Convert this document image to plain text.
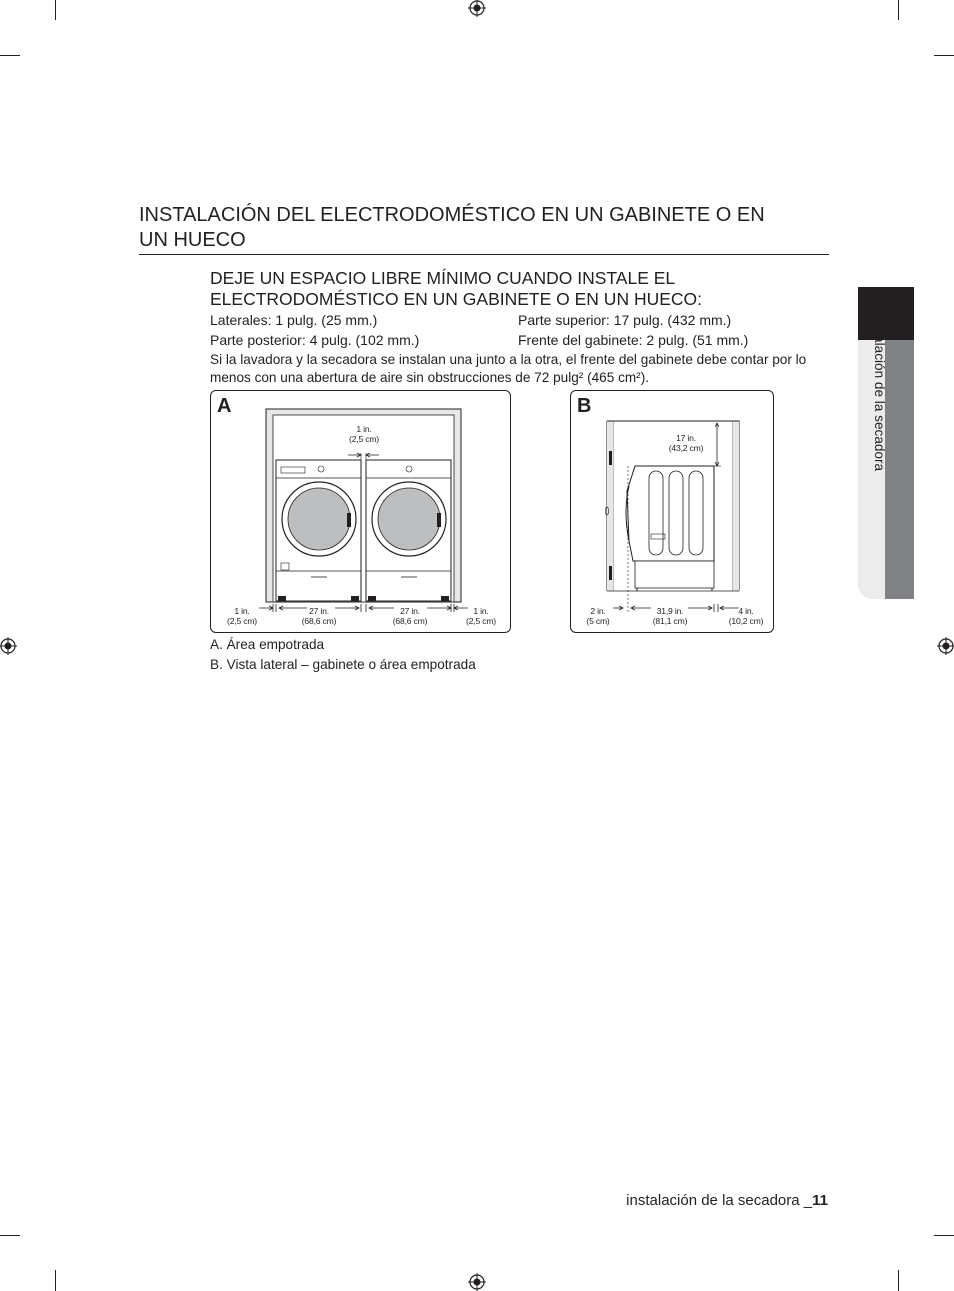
01 instalación de la secadora
INSTALACIÓN DEL ELECTRODOMÉSTICO EN UN GABINETE O EN
UN HUECO
DEJE UN ESPACIO LIBRE MÍNIMO CUANDO INSTALE EL
ELECTRODOMÉSTICO EN UN GABINETE O EN UN HUECO:
Laterales: 1 pulg. (25 mm.)	Parte superior: 17 pulg. (432 mm.)
Parte posterior: 4 pulg. (102 mm.)	Frente del gabinete: 2 pulg. (51 mm.)
Si la lavadora y la secadora se instalan una junto a la otra, el frente del gabinete debe contar por lo menos con una abertura de aire sin obstrucciones de 72 pulg² (465 cm²).
A
1 in.
(2,5 cm)
1 in.
(2,5 cm)
27 in.
(68,6 cm)
27 in.
(68,6 cm)
1 in.
(2,5 cm)
B
17 in.
(43,2 cm)
2 in.
(5 cm)
31,9 in.
(81,1 cm)
4 in.
(10,2 cm)
A. Área empotrada
B. Vista lateral – gabinete o área empotrada
instalación de la secadora _11
